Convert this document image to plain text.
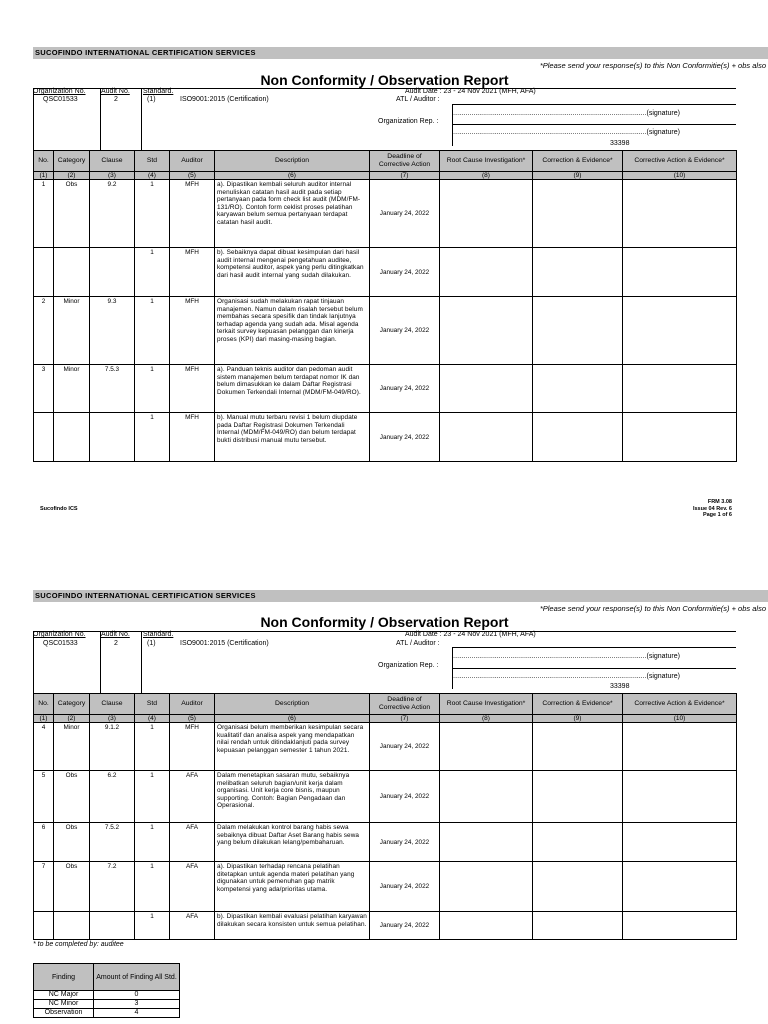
SUCOFINDO INTERNATIONAL CERTIFICATION SERVICES
*Please send your response(s) to this Non Conformitie(s) + obs also
Non Conformity / Observation Report
Organization No.
QSC01533
Audit No.
2
Standard.
(1)	ISO9001:2015 (Certification)
Audit Date : 23 - 24 Nov 2021 (MFH, AFA)
ATL / Auditor :
....................................................................................................(signature)
Organization Rep. :
....................................................................................................(signature)
33398
No.	Category	Clause	Std	Auditor	Description	Deadline of Corrective Action	Root Cause Investigation*	Correction & Evidence*	Corrective Action & Evidence*
(1)	(2)	(3)	(4)	(5)	(6)	(7)	(8)	(9)	(10)
1	Obs	9.2	1	MFH	a). Dipastikan kembali seluruh auditor internal menuliskan catatan hasil audit pada setiap pertanyaan pada form check list audit (MDM/FM-131/RO). Contoh form ceklist proses pelatihan karyawan belum semua pertanyaan terdapat catatan hasil audit.	January 24, 2022			
			1	MFH	b). Sebaiknya dapat dibuat kesimpulan dari hasil audit internal mengenai pengetahuan auditee, kompetensi auditor, aspek yang perlu ditingkatkan dari hasil audit internal yang sudah dilakukan.	January 24, 2022			
2	Minor	9.3	1	MFH	Organisasi sudah melakukan rapat tinjauan manajemen. Namun dalam risalah tersebut belum membahas secara spesifik dan tindak lanjutnya terhadap agenda yang sudah ada. Misal agenda terkait survey kepuasan pelanggan dan kinerja proses (KPI) dari masing-masing bagian.	January 24, 2022			
3	Minor	7.5.3	1	MFH	a). Panduan teknis auditor dan pedoman audit sistem manajemen belum terdapat nomor IK dan belum dimasukkan ke dalam Daftar Registrasi Dokumen Terkendali Internal (MDM/FM-049/RO).	January 24, 2022			
			1	MFH	b). Manual mutu terbaru revisi 1 belum diupdate pada Daftar Registrasi Dokumen Terkendali Internal (MDM/FM-049/RO) dan belum terdapat bukti distribusi manual mutu tersebut.	January 24, 2022			
Sucofindo ICS
FRM 3.08
Issue 04 Rev. 6
Page 1 of 6
SUCOFINDO INTERNATIONAL CERTIFICATION SERVICES
*Please send your response(s) to this Non Conformitie(s) + obs also
Non Conformity / Observation Report
Organization No.
QSC01533
Audit No.
2
Standard.
(1)	ISO9001:2015 (Certification)
Audit Date : 23 - 24 Nov 2021 (MFH, AFA)
ATL / Auditor :
....................................................................................................(signature)
Organization Rep. :
....................................................................................................(signature)
33398
No.	Category	Clause	Std	Auditor	Description	Deadline of Corrective Action	Root Cause Investigation*	Correction & Evidence*	Corrective Action & Evidence*
(1)	(2)	(3)	(4)	(5)	(6)	(7)	(8)	(9)	(10)
4	Minor	9.1.2	1	MFH	Organisasi belum memberikan kesimpulan secara kualitatif dan analisa aspek yang mendapatkan nilai rendah untuk ditindaklanjuti pada survey kepuasan pelanggan semester 1 tahun 2021.	January 24, 2022			
5	Obs	6.2	1	AFA	Dalam menetapkan sasaran mutu, sebaiknya melibatkan seluruh bagian/unit kerja dalam organisasi. Unit kerja core bisnis, maupun supporting. Contoh: Bagian Pengadaan dan Operasional.	January 24, 2022			
6	Obs	7.5.2	1	AFA	Dalam melakukan kontrol barang habis sewa sebaiknya dibuat Daftar Aset Barang habis sewa yang belum dilakukan lelang/pembaharuan.	January 24, 2022			
7	Obs	7.2	1	AFA	a). Dipastikan terhadap rencana pelatihan ditetapkan untuk agenda materi pelatihan yang digunakan untuk pemenuhan gap matrik kompetensi yang ada/prioritas utama.	January 24, 2022			
			1	AFA	b). Dipastikan kembali evaluasi pelatihan karyawan dilakukan secara konsisten untuk semua pelatihan.	January 24, 2022			
* to be completed by: auditee
Finding	Amount of Finding All Std.
NC Major	0
NC Minor	3
Observation	4
